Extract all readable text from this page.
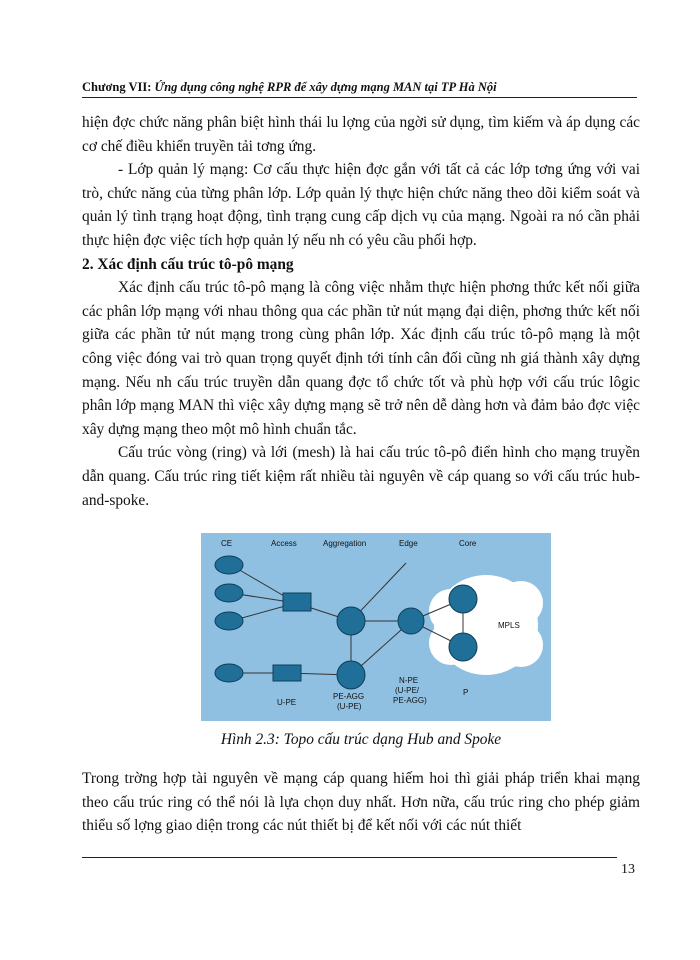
Chương VII: Ứng dụng công nghệ RPR để xây dựng mạng MAN tại TP Hà Nội

hiện đợc chức năng phân biệt hình thái lu lợng của ngời sử dụng, tìm kiếm và áp dụng các cơ chế điều khiển truyền tải tơng ứng.

- Lớp quản lý mạng: Cơ cấu thực hiện đợc gắn với tất cả các lớp tơng ứng với vai trò, chức năng của từng phân lớp. Lớp quản lý thực hiện chức năng theo dõi kiểm soát và quản lý tình trạng hoạt động, tình trạng cung cấp dịch vụ của mạng. Ngoài ra nó cần phải thực hiện đợc việc tích hợp quản lý nếu nh có yêu cầu phối hợp.

2. Xác định cấu trúc tô-pô mạng

Xác định cấu trúc tô-pô mạng là công việc nhằm thực hiện phơng thức kết nối giữa các phân lớp mạng với nhau thông qua các phần tử nút mạng đại diện, phơng thức kết nối giữa các phần tử nút mạng trong cùng phân lớp. Xác định cấu trúc tô-pô mạng là một công việc đóng vai trò quan trọng quyết định tới tính cân đối cũng nh giá thành xây dựng mạng. Nếu nh cấu trúc truyền dẫn quang đợc tổ chức tốt và phù hợp với cấu trúc lôgic phân lớp mạng MAN thì việc xây dựng mạng sẽ trở nên dễ dàng hơn và đảm bảo đợc việc xây dựng mạng theo một mô hình chuẩn tắc.

Cấu trúc vòng (ring) và lới (mesh) là hai cấu trúc tô-pô điển hình cho mạng truyền dẫn quang. Cấu trúc ring tiết kiệm rất nhiều tài nguyên về cáp quang so với cấu trúc hub-and-spoke.

CE	Access	Aggregation	Edge	Core
MPLS
U-PE
PE-AGG
(U-PE)
N-PE
(U-PE/
PE-AGG)
P
Hình 2.3: Topo cấu trúc dạng Hub and Spoke

Trong trờng hợp tài nguyên về mạng cáp quang hiếm hoi thì giải pháp triển khai mạng theo cấu trúc ring có thể nói là lựa chọn duy nhất. Hơn nữa, cấu trúc ring cho phép giảm thiểu số lợng giao diện trong các nút thiết bị để kết nối với các nút thiết

13
